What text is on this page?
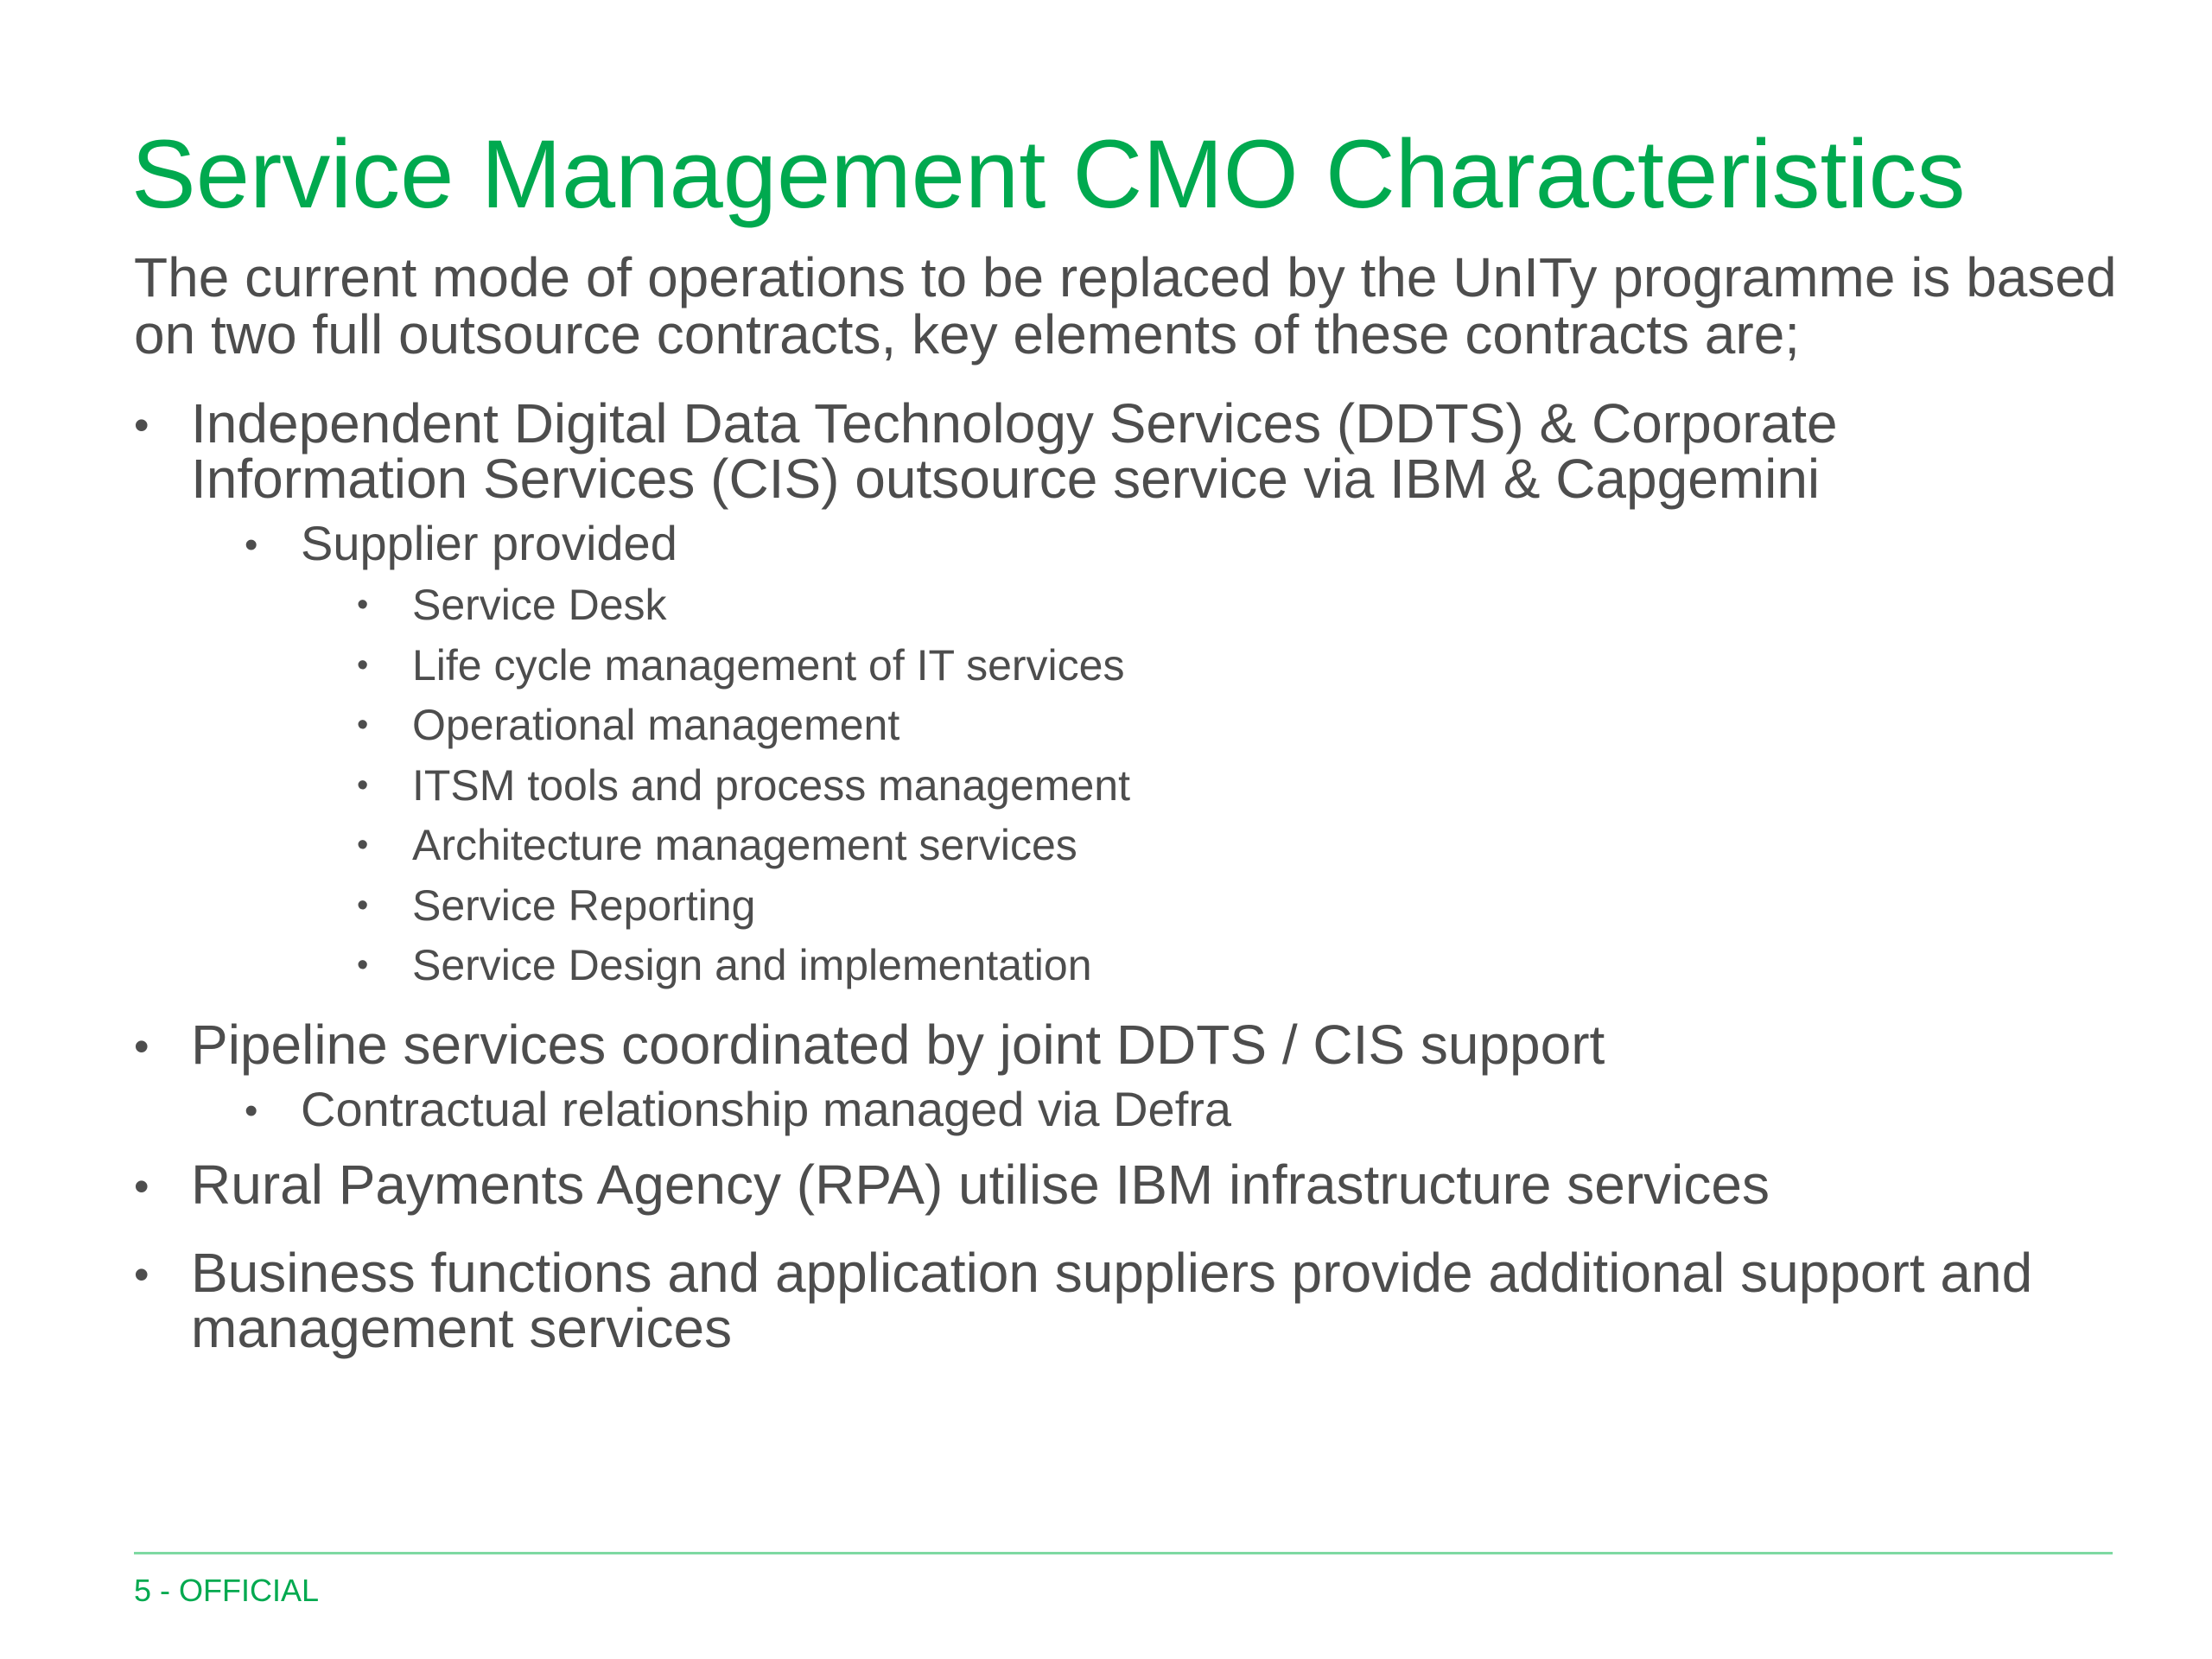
Service Management CMO Characteristics

The current mode of operations to be replaced by the UnITy programme is based on two full outsource contracts, key elements of these contracts are;

• Independent Digital Data Technology Services (DDTS) & Corporate Information Services (CIS) outsource service via IBM & Capgemini
• Supplier provided
• Service Desk
• Life cycle management of IT services
• Operational management
• ITSM tools and process management
• Architecture management services
• Service Reporting
• Service Design and implementation
• Pipeline services coordinated by joint DDTS / CIS support
• Contractual relationship managed via Defra
• Rural Payments Agency (RPA) utilise IBM infrastructure services
• Business functions and application suppliers provide additional support and management services
5 - OFFICIAL
